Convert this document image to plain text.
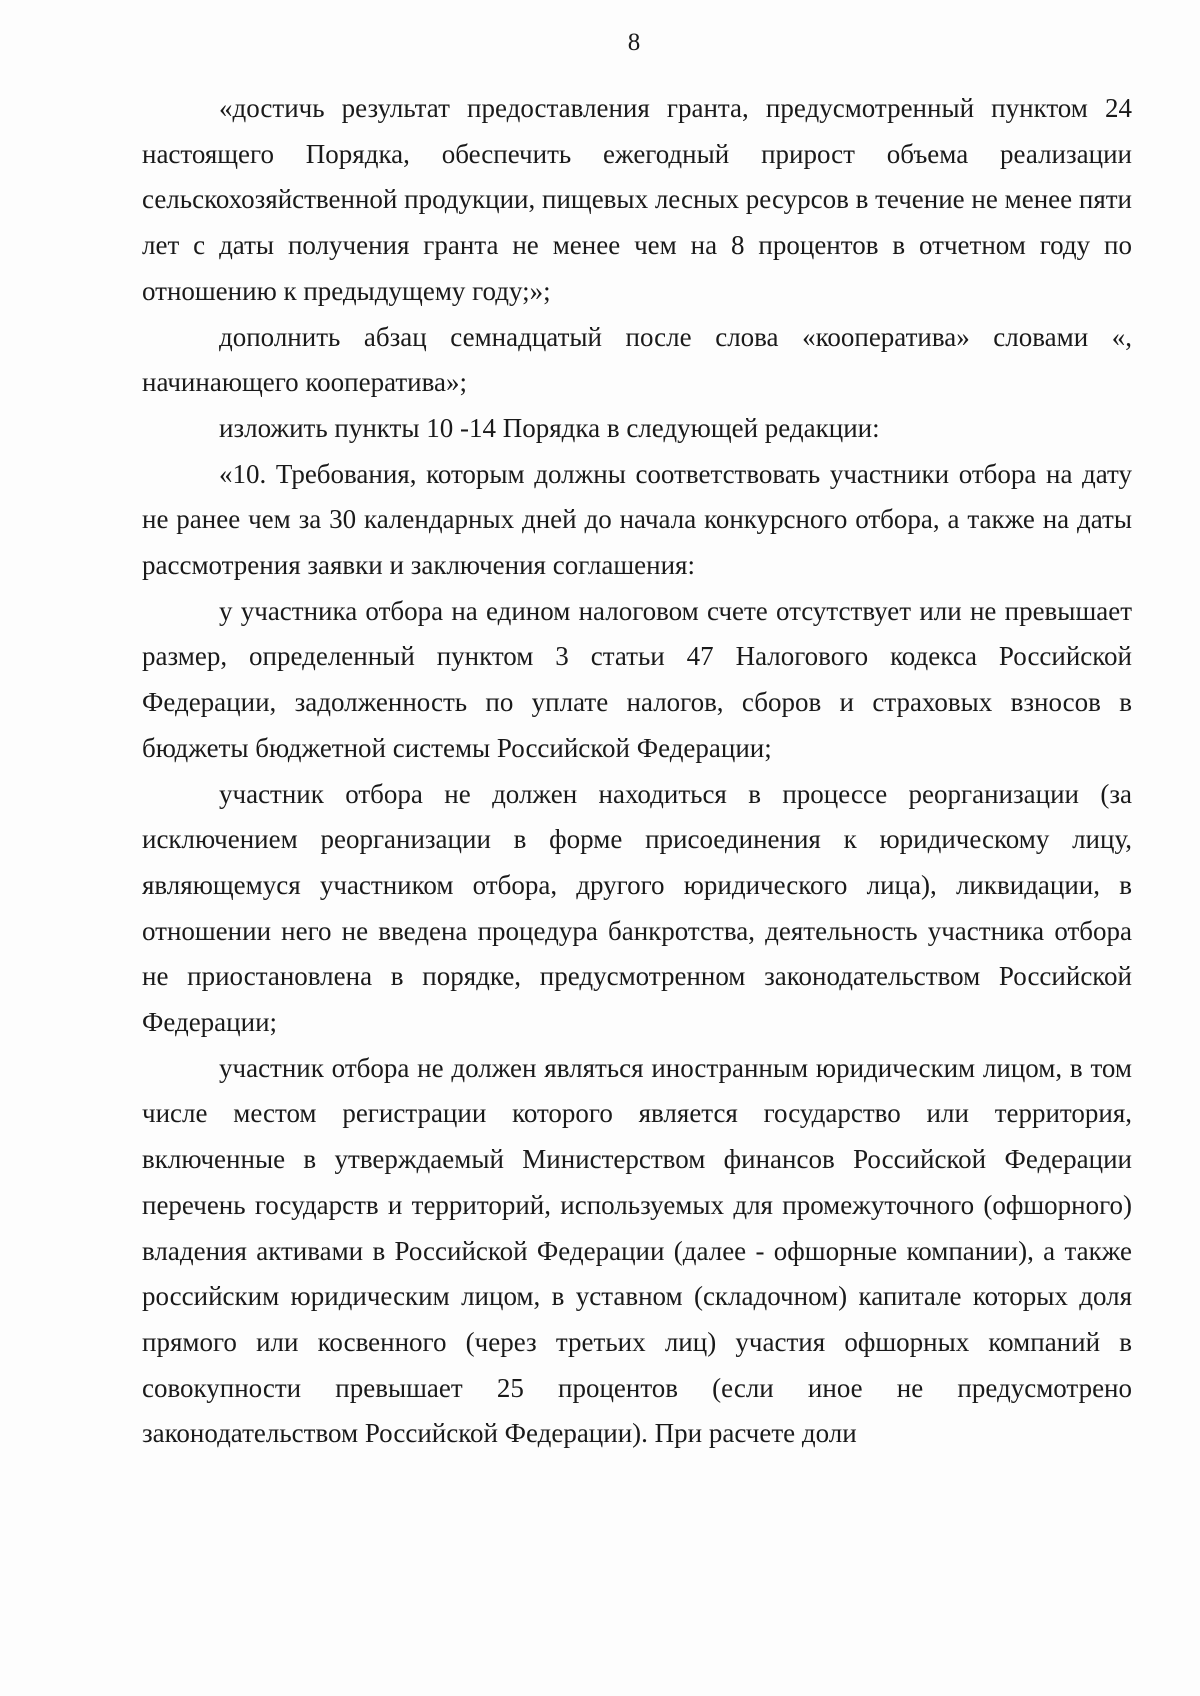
8

«достичь результат предоставления гранта, предусмотренный пунктом 24 настоящего Порядка, обеспечить ежегодный прирост объема реализации сельскохозяйственной продукции, пищевых лесных ресурсов в течение не менее пяти лет с даты получения гранта не менее чем на 8 процентов в отчетном году по отношению к предыдущему году;»;

дополнить абзац семнадцатый после слова «кооператива» словами «, начинающего кооператива»;

изложить пункты 10 -14 Порядка в следующей редакции:

«10. Требования, которым должны соответствовать участники отбора на дату не ранее чем за 30 календарных дней до начала конкурсного отбора, а также на даты рассмотрения заявки и заключения соглашения:

у участника отбора на едином налоговом счете отсутствует или не превышает размер, определенный пунктом 3 статьи 47 Налогового кодекса Российской Федерации, задолженность по уплате налогов, сборов и страховых взносов в бюджеты бюджетной системы Российской Федерации;

участник отбора не должен находиться в процессе реорганизации (за исключением реорганизации в форме присоединения к юридическому лицу, являющемуся участником отбора, другого юридического лица), ликвидации, в отношении него не введена процедура банкротства, деятельность участника отбора не приостановлена в порядке, предусмотренном законодательством Российской Федерации;

участник отбора не должен являться иностранным юридическим лицом, в том числе местом регистрации которого является государство или территория, включенные в утверждаемый Министерством финансов Российской Федерации перечень государств и территорий, используемых для промежуточного (офшорного) владения активами в Российской Федерации (далее - офшорные компании), а также российским юридическим лицом, в уставном (складочном) капитале которых доля прямого или косвенного (через третьих лиц) участия офшорных компаний в совокупности превышает 25 процентов (если иное не предусмотрено законодательством Российской Федерации). При расчете доли
